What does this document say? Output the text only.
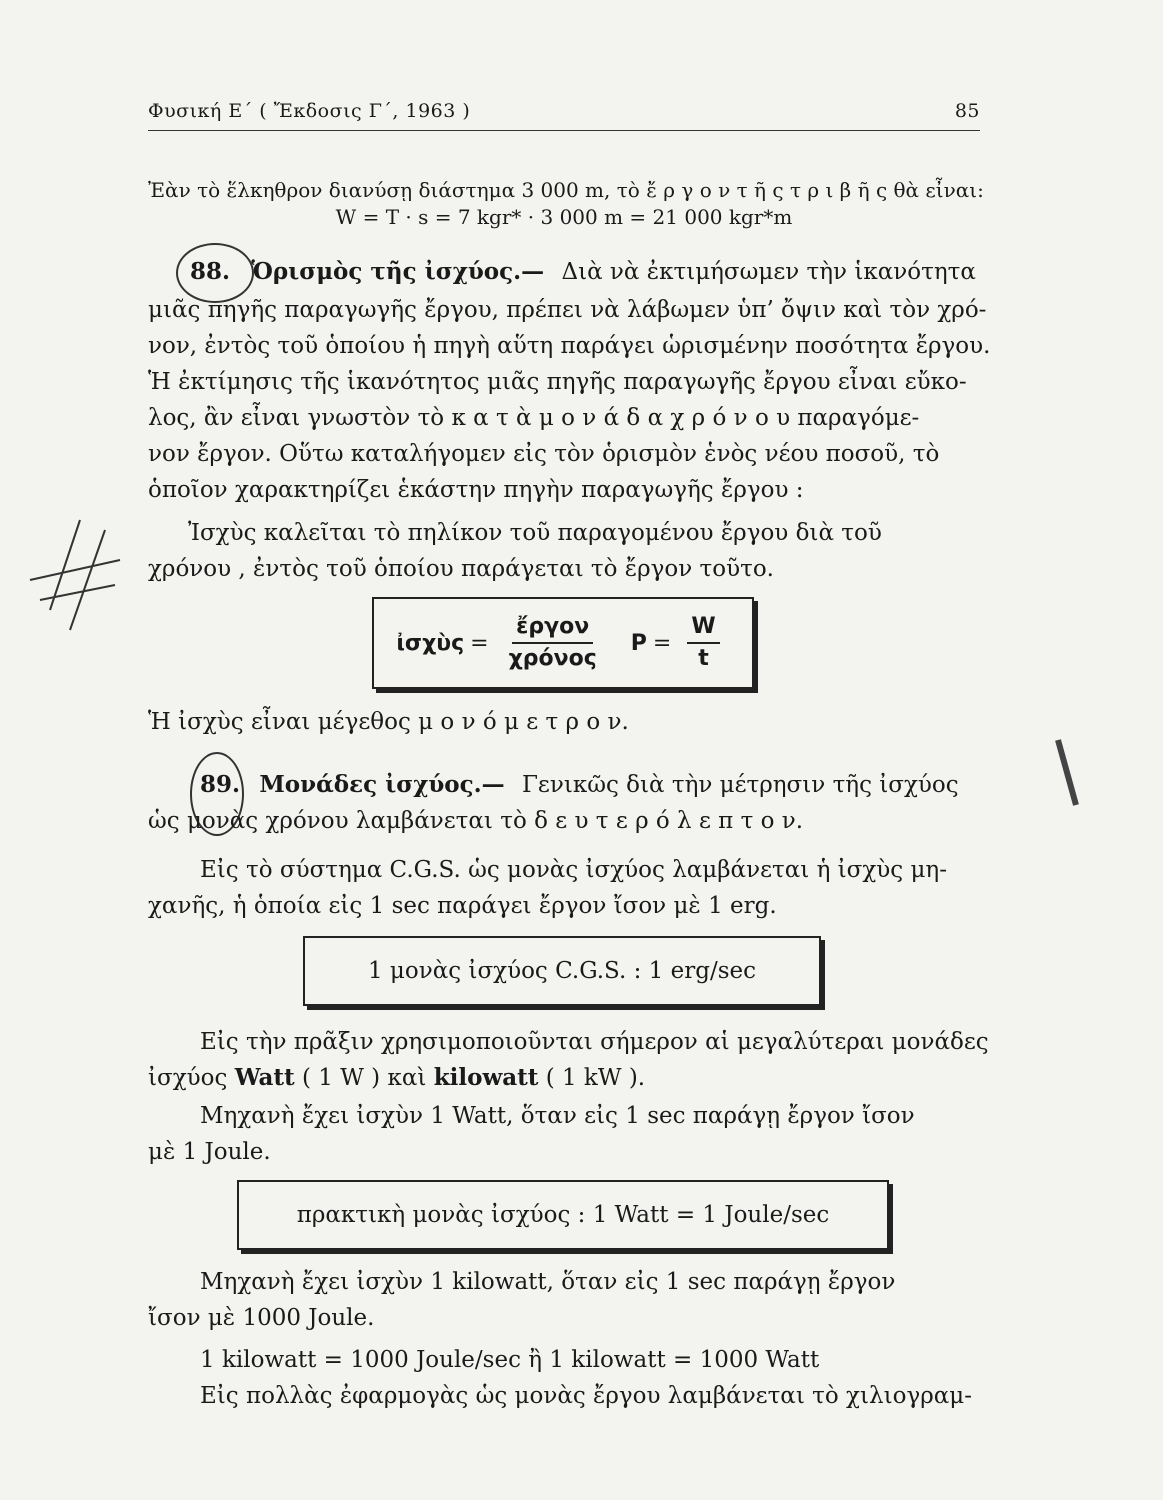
Φυσική Ε΄ ( Ἔκδοσις Γ΄, 1963 )	85
Ἐὰν τὸ ἕλκηθρον διανύσῃ διάστημα 3 000 m, τὸ ἔ ρ γ ο ν τ ῆ ς τ ρ ι β ῆ ς θὰ εἶναι:
W = T · s = 7 kgr* · 3 000 m = 21 000 kgr*m
88. Ὁρισμὸς τῆς ἰσχύος.— Διὰ νὰ ἐκτιμήσωμεν τὴν ἱκανότητα
μιᾶς πηγῆς παραγωγῆς ἔργου, πρέπει νὰ λάβωμεν ὑπ’ ὄψιν καὶ τὸν χρό-
νον, ἐντὸς τοῦ ὁποίου ἡ πηγὴ αὕτη παράγει ὡρισμένην ποσότητα ἔργου.
Ἡ ἐκτίμησις τῆς ἱκανότητος μιᾶς πηγῆς παραγωγῆς ἔργου εἶναι εὔκο-
λος, ἂν εἶναι γνωστὸν τὸ κ α τ ὰ μ ο ν ά δ α χ ρ ό ν ο υ παραγόμε-
νον ἔργον. Οὕτω καταλήγομεν εἰς τὸν ὁρισμὸν ἑνὸς νέου ποσοῦ, τὸ
ὁποῖον χαρακτηρίζει ἑκάστην πηγὴν παραγωγῆς ἔργου :
Ἰσχὺς καλεῖται τὸ πηλίκον τοῦ παραγομένου ἔργου διὰ τοῦ
χρόνου , ἐντὸς τοῦ ὁποίου παράγεται τὸ ἔργον τοῦτο.
ἰσχὺς = $\frac{\text{ἔργον}}{\text{χρόνος}}$ $P = \frac{W}{t}$
Ἡ ἰσχὺς εἶναι μέγεθος μ ο ν ό μ ε τ ρ ο ν.
89. Μονάδες ἰσχύος.— Γενικῶς διὰ τὴν μέτρησιν τῆς ἰσχύος
ὡς μονὰς χρόνου λαμβάνεται τὸ δ ε υ τ ε ρ ό λ ε π τ ο ν.
Εἰς τὸ σύστημα C.G.S. ὡς μονὰς ἰσχύος λαμβάνεται ἡ ἰσχὺς μη-
χανῆς, ἡ ὁποία εἰς 1 sec παράγει ἔργον ἴσον μὲ 1 erg.
1 μονὰς ἰσχύος C.G.S. : 1 erg/sec
Εἰς τὴν πρᾶξιν χρησιμοποιοῦνται σήμερον αἱ μεγαλύτεραι μονάδες
ἰσχύος Watt ( 1 W ) καὶ kilowatt ( 1 kW ).
Μηχανὴ ἔχει ἰσχὺν 1 Watt, ὅταν εἰς 1 sec παράγῃ ἔργον ἴσον
μὲ 1 Joule.
πρακτικὴ μονὰς ἰσχύος : 1 Watt = 1 Joule/sec
Μηχανὴ ἔχει ἰσχὺν 1 kilowatt, ὅταν εἰς 1 sec παράγῃ ἔργον
ἴσον μὲ 1000 Joule.
1 kilowatt = 1000 Joule/sec ἢ 1 kilowatt = 1000 Watt
Εἰς πολλὰς ἐφαρμογὰς ὡς μονὰς ἔργου λαμβάνεται τὸ χιλιογραμ-
